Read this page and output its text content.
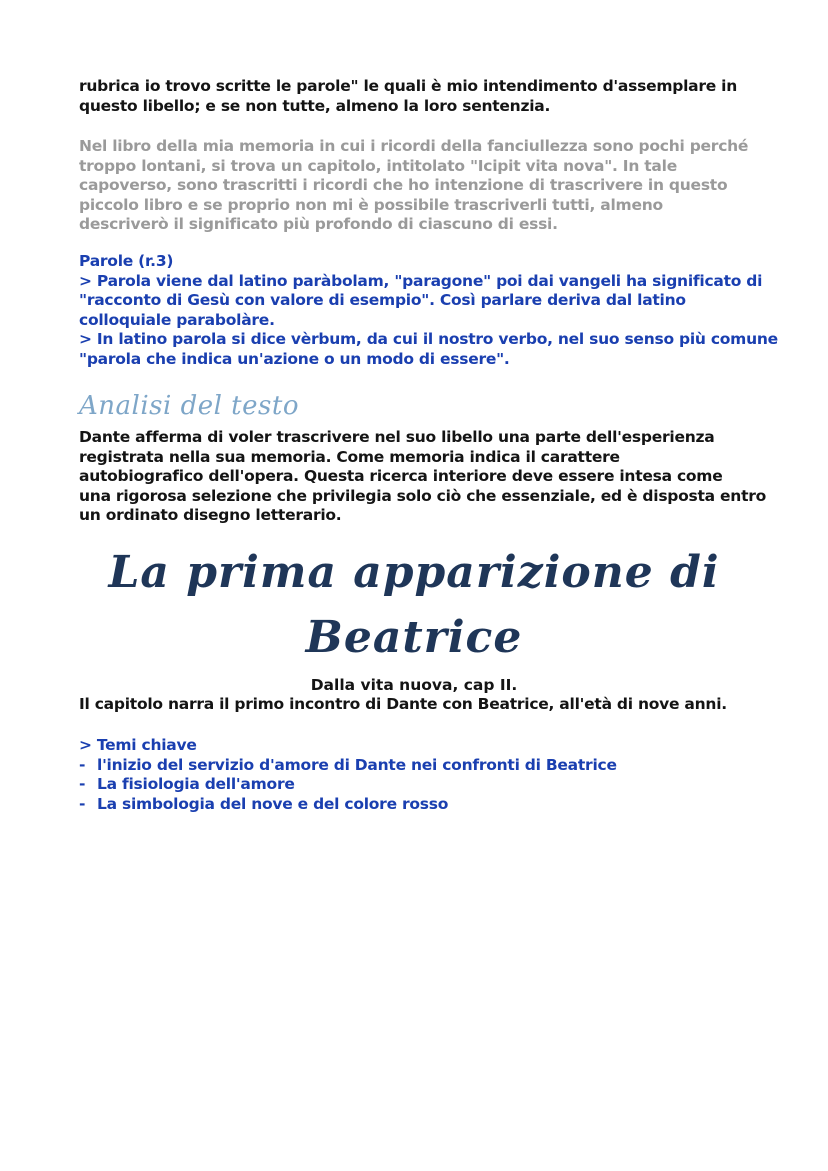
rubrica io trovo scritte le parole" le quali è mio intendimento d'assemplare in
questo libello; e se non tutte, almeno la loro sentenzia.
Nel libro della mia memoria in cui i ricordi della fanciullezza sono pochi perché
troppo lontani, si trova un capitolo, intitolato "Icipit vita nova". In tale
capoverso, sono trascritti i ricordi che ho intenzione di trascrivere in questo
piccolo libro e se proprio non mi è possibile trascriverli tutti, almeno
descriverò il significato più profondo di ciascuno di essi.
Parole (r.3)
> Parola viene dal latino paràbolam, "paragone" poi dai vangeli ha significato di
"racconto di Gesù con valore di esempio". Così parlare deriva dal latino
colloquiale parabolàre.
> In latino parola si dice vèrbum, da cui il nostro verbo, nel suo senso più comune
"parola che indica un'azione o un modo di essere".
Analisi del testo
Dante afferma di voler trascrivere nel suo libello una parte dell'esperienza
registrata nella sua memoria. Come memoria indica il carattere
autobiografico dell'opera. Questa ricerca interiore deve essere intesa come
una rigorosa selezione che privilegia solo ciò che essenziale, ed è disposta entro
un ordinato disegno letterario.
La prima apparizione di
Beatrice
Dalla vita nuova, cap II.
Il capitolo narra il primo incontro di Dante con Beatrice, all'età di nove anni.
> Temi chiave
- l'inizio del servizio d'amore di Dante nei confronti di Beatrice
- La fisiologia dell'amore
- La simbologia del nove e del colore rosso
